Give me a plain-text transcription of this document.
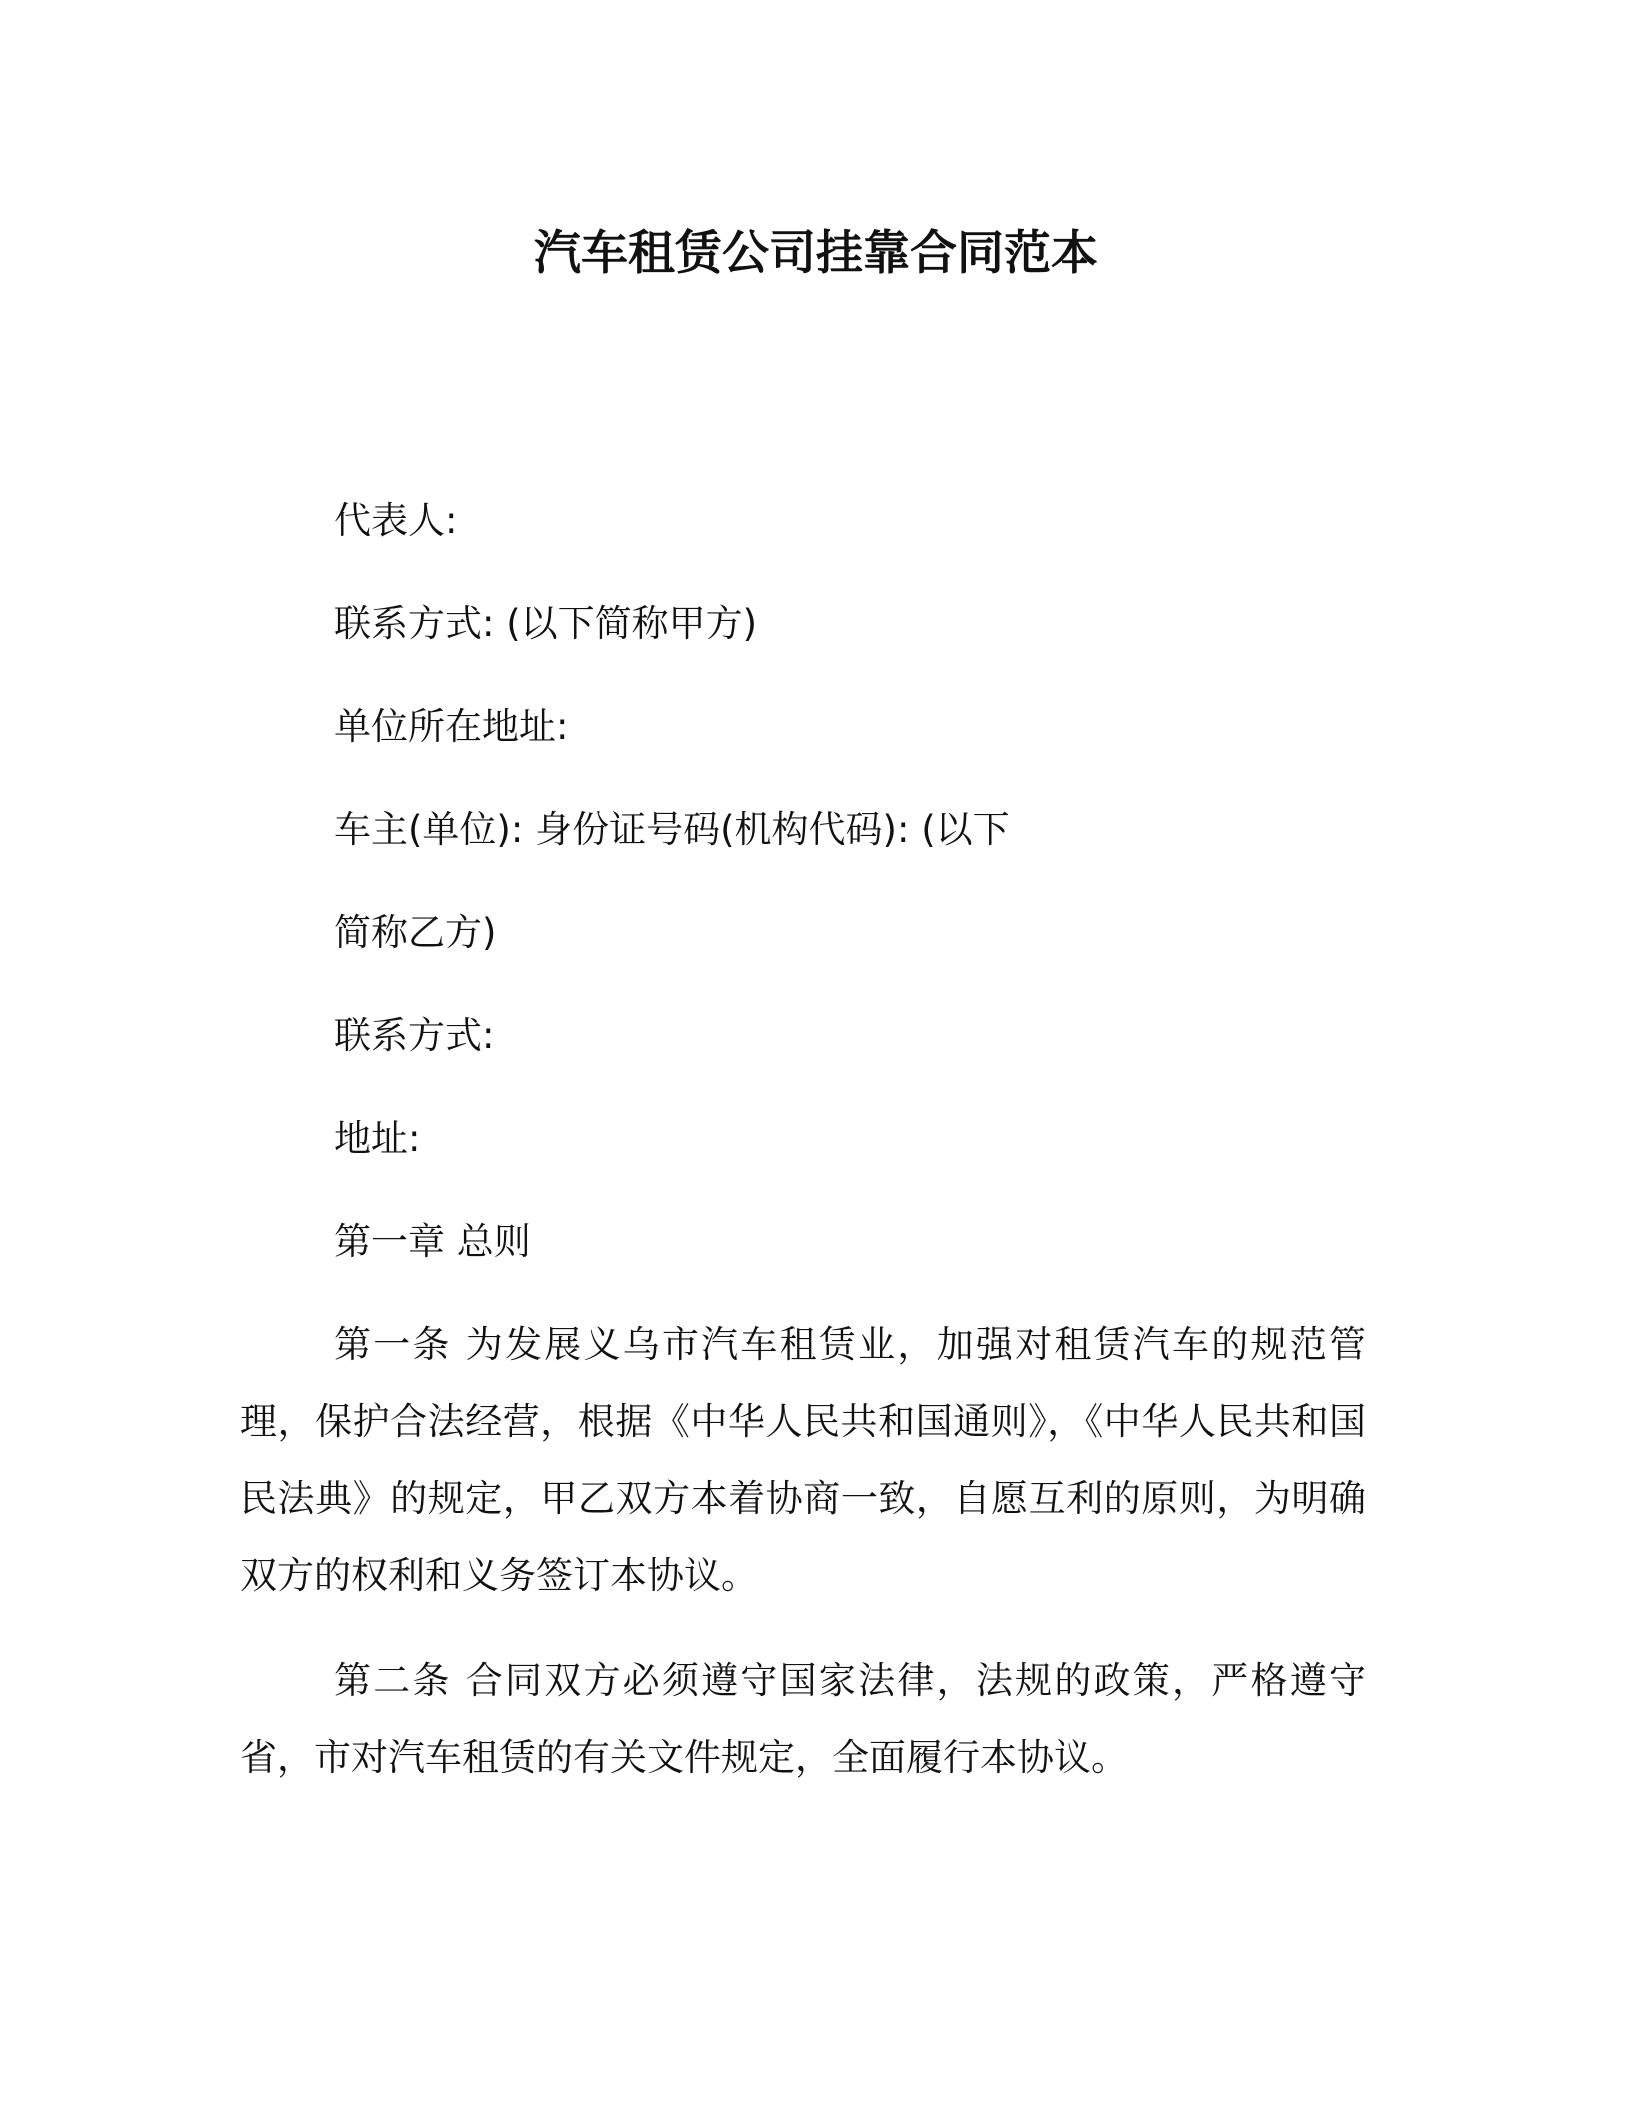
汽车租赁公司挂靠合同范本
代表人:
联系方式: (以下简称甲方)
单位所在地址:
车主(单位): 身份证号码(机构代码): (以下
简称乙方)
联系方式:
地址:
第一章 总则
第一条 为发展义乌市汽车租赁业，加强对租赁汽车的规范管理，保护合法经营，根据《中华人民共和国通则》，《中华人民共和国民法典》的规定，甲乙双方本着协商一致，自愿互利的原则，为明确双方的权利和义务签订本协议。
第二条 合同双方必须遵守国家法律，法规的政策，严格遵守省，市对汽车租赁的有关文件规定，全面履行本协议。
